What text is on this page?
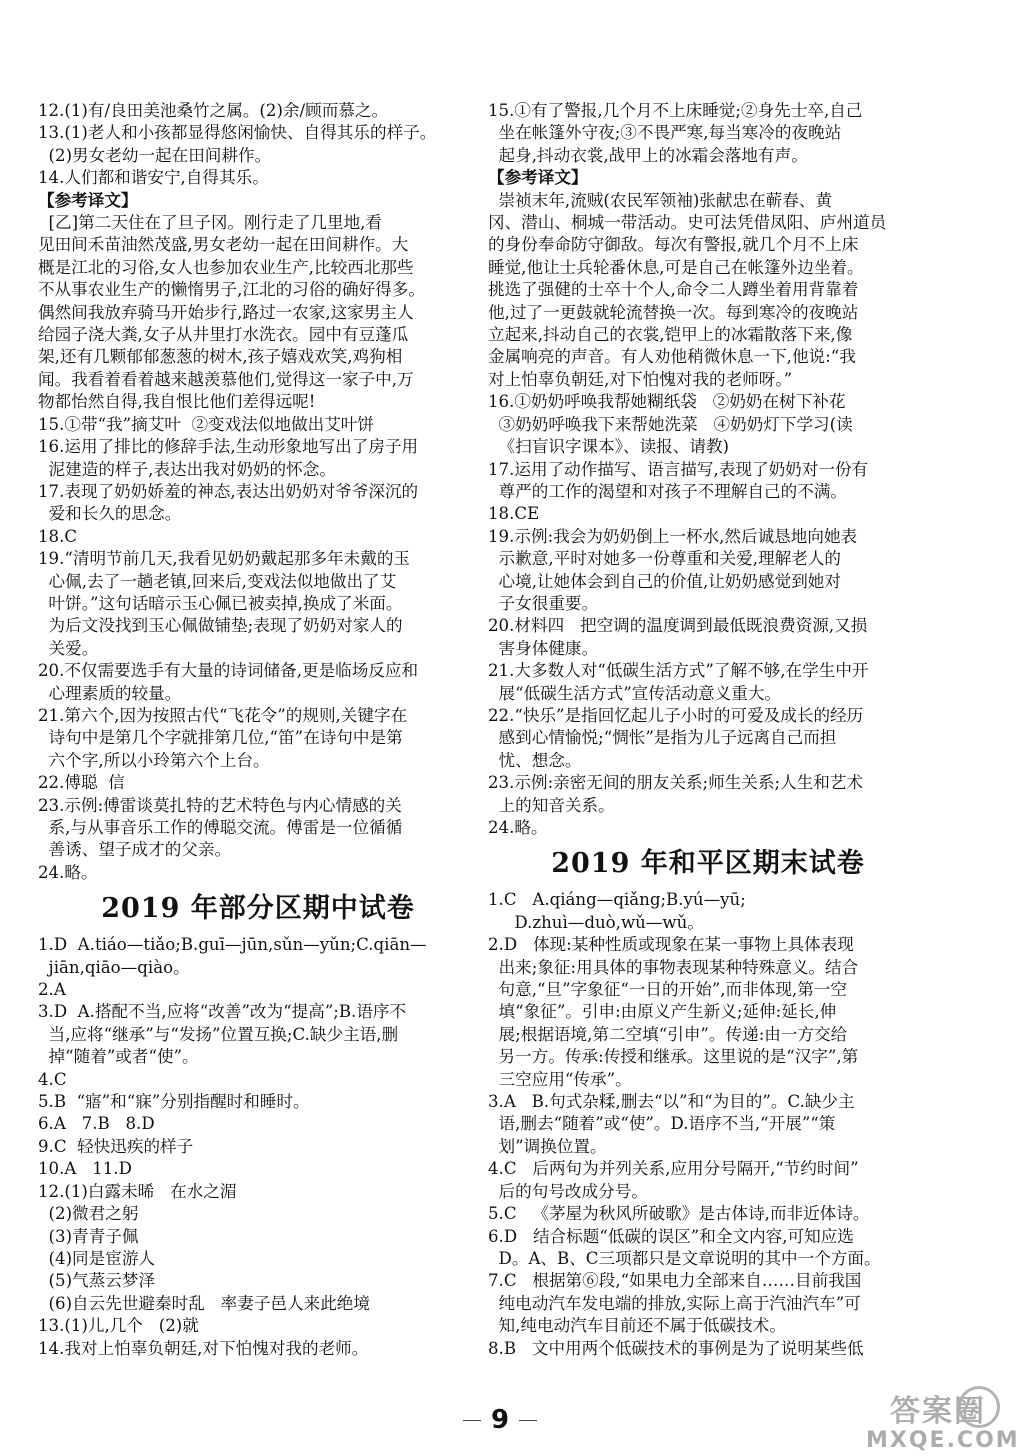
12.(1)有/良田美池桑竹之属。(2)余/顾而慕之。
13.(1)老人和小孩都显得悠闲愉快、自得其乐的样子。
(2)男女老幼一起在田间耕作。
14.人们都和谐安宁,自得其乐。
【参考译文】
[乙]第二天住在了旦子冈。刚行走了几里地,看
见田间禾苗油然茂盛,男女老幼一起在田间耕作。大
概是江北的习俗,女人也参加农业生产,比较西北那些
不从事农业生产的懒惰男子,江北的习俗的确好得多。
偶然间我放弃骑马开始步行,路过一农家,这家男主人
给园子浇大粪,女子从井里打水洗衣。园中有豆蓬瓜
架,还有几颗郁郁葱葱的树木,孩子嬉戏欢笑,鸡狗相
闻。我看着看着越来越羡慕他们,觉得这一家子中,万
物都怡然自得,我自恨比他们差得远呢!
15.①带“我”摘艾叶  ②变戏法似地做出艾叶饼
16.运用了排比的修辞手法,生动形象地写出了房子用
泥建造的样子,表达出我对奶奶的怀念。
17.表现了奶奶娇羞的神态,表达出奶奶对爷爷深沉的
爱和长久的思念。
18.C
19.“清明节前几天,我看见奶奶戴起那多年未戴的玉
心佩,去了一趟老镇,回来后,变戏法似地做出了艾
叶饼。”这句话暗示玉心佩已被卖掉,换成了米面。
为后文没找到玉心佩做铺垫;表现了奶奶对家人的
关爱。
20.不仅需要选手有大量的诗词储备,更是临场反应和
心理素质的较量。
21.第六个,因为按照古代“飞花令”的规则,关键字在
诗句中是第几个字就排第几位,“笛”在诗句中是第
六个字,所以小玲第六个上台。
22.傅聪  信
23.示例:傅雷谈莫扎特的艺术特色与内心情感的关
系,与从事音乐工作的傅聪交流。傅雷是一位循循
善诱、望子成才的父亲。
24.略。
2019 年部分区期中试卷
1.D  A.tiáo—tiǎo;B.guī—jūn,sǔn—yǔn;C.qiān—
jiān,qiāo—qiào。
2.A
3.D  A.搭配不当,应将“改善”改为“提高”;B.语序不
当,应将“继承”与“发扬”位置互换;C.缺少主语,删
掉“随着”或者“使”。
4.C
5.B  “寤”和“寐”分别指醒时和睡时。
6.A   7.B   8.D
9.C  轻快迅疾的样子
10.A   11.D
12.(1)白露未晞   在水之湄
(2)微君之躬
(3)青青子佩
(4)同是宦游人
(5)气蒸云梦泽
(6)自云先世避秦时乱   率妻子邑人来此绝境
13.(1)儿,几个   (2)就
14.我对上怕辜负朝廷,对下怕愧对我的老师。
15.①有了警报,几个月不上床睡觉;②身先士卒,自己
坐在帐篷外守夜;③不畏严寒,每当寒冷的夜晚站
起身,抖动衣裳,战甲上的冰霜会落地有声。
【参考译文】
崇祯末年,流贼(农民军领袖)张献忠在蕲春、黄
冈、潜山、桐城一带活动。史可法凭借凤阳、庐州道员
的身份奉命防守御敌。每次有警报,就几个月不上床
睡觉,他让士兵轮番休息,可是自己在帐篷外边坐着。
挑选了强健的士卒十个人,命令二人蹲坐着用背靠着
他,过了一更鼓就轮流替换一次。每到寒冷的夜晚站
立起来,抖动自己的衣裳,铠甲上的冰霜散落下来,像
金属响亮的声音。有人劝他稍微休息一下,他说:“我
对上怕辜负朝廷,对下怕愧对我的老师呀。”
16.①奶奶呼唤我帮她糊纸袋   ②奶奶在树下补花
③奶奶呼唤我下来帮她洗菜   ④奶奶灯下学习(读
《扫盲识字课本》、读报、请教)
17.运用了动作描写、语言描写,表现了奶奶对一份有
尊严的工作的渴望和对孩子不理解自己的不满。
18.CE
19.示例:我会为奶奶倒上一杯水,然后诚恳地向她表
示歉意,平时对她多一份尊重和关爱,理解老人的
心境,让她体会到自己的价值,让奶奶感觉到她对
子女很重要。
20.材料四   把空调的温度调到最低既浪费资源,又损
害身体健康。
21.大多数人对“低碳生活方式”了解不够,在学生中开
展“低碳生活方式”宣传活动意义重大。
22.“快乐”是指回忆起儿子小时的可爱及成长的经历
感到心情愉悦;“惆怅”是指为儿子远离自己而担
忧、想念。
23.示例:亲密无间的朋友关系;师生关系;人生和艺术
上的知音关系。
24.略。
2019 年和平区期末试卷
1.C   A.qiáng—qiǎng;B.yú—yū;
D.zhuì—duò,wǔ—wǔ。
2.D   体现:某种性质或现象在某一事物上具体表现
出来;象征:用具体的事物表现某种特殊意义。结合
句意,“旦”字象征“一日的开始”,而非体现,第一空
填“象征”。引申:由原义产生新义;延伸:延长,伸
展;根据语境,第二空填“引申”。传递:由一方交给
另一方。传承:传授和继承。这里说的是“汉字”,第
三空应用“传承”。
3.A   B.句式杂糅,删去“以”和“为目的”。C.缺少主
语,删去“随着”或“使”。D.语序不当,“开展”“策
划”调换位置。
4.C   后两句为并列关系,应用分号隔开,“节约时间”
后的句号改成分号。
5.C   《茅屋为秋风所破歌》是古体诗,而非近体诗。
6.D   结合标题“低碳的误区”和全文内容,可知应选
D。A、B、C三项都只是文章说明的其中一个方面。
7.C   根据第⑥段,“如果电力全部来自……目前我国
纯电动汽车发电端的排放,实际上高于汽油汽车”可
知,纯电动汽车目前还不属于低碳技术。
8.B   文中用两个低碳技术的事例是为了说明某些低
9	答案圈
MXQE.COM
